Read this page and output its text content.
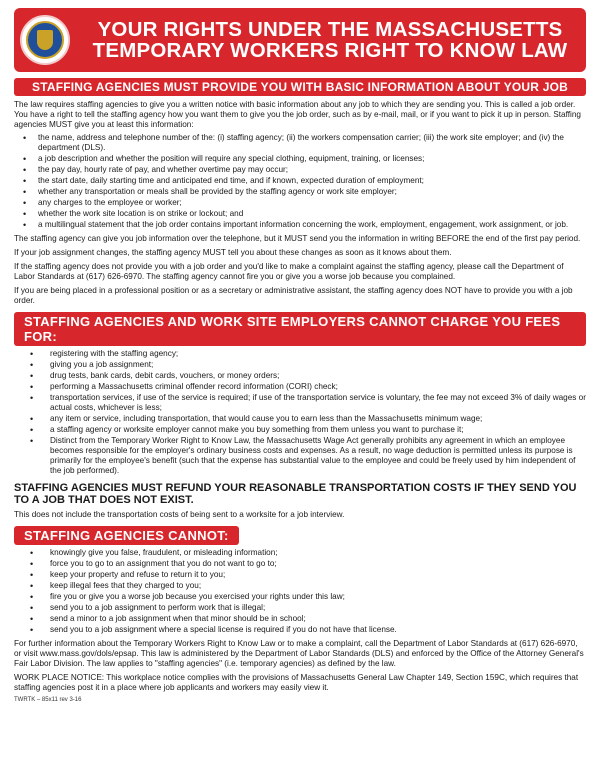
YOUR RIGHTS UNDER THE MASSACHUSETTS
TEMPORARY WORKERS RIGHT TO KNOW LAW
STAFFING AGENCIES MUST PROVIDE YOU WITH BASIC INFORMATION ABOUT YOUR JOB

The law requires staffing agencies to give you a written notice with basic information about any job to which they are sending you. This is called a job order. You have a right to tell the staffing agency how you want them to give you the job order, such as by e-mail, mail, or if you want to pick it up in person. Staffing agencies MUST give you at least this information:

• the name, address and telephone number of the: (i) staffing agency; (ii) the workers compensation carrier; (iii) the work site employer; and (iv) the department (DLS).
• a job description and whether the position will require any special clothing, equipment, training, or licenses;
• the pay day, hourly rate of pay, and whether overtime pay may occur;
• the start date, daily starting time and anticipated end time, and if known, expected duration of employment;
• whether any transportation or meals shall be provided by the staffing agency or work site employer;
• any charges to the employee or worker;
• whether the work site location is on strike or lockout; and
• a multilingual statement that the job order contains important information concerning the work, employment, engagement, work assignment, or job.

The staffing agency can give you job information over the telephone, but it MUST send you the information in writing BEFORE the end of the first pay period.

If your job assignment changes, the staffing agency MUST tell you about these changes as soon as it knows about them.

If the staffing agency does not provide you with a job order and you'd like to make a complaint against the staffing agency, please call the Department of Labor Standards at (617) 626-6970. The staffing agency cannot fire you or give you a worse job because you complained.

If you are being placed in a professional position or as a secretary or administrative assistant, the staffing agency does NOT have to provide you with a job order.

STAFFING AGENCIES AND WORK SITE EMPLOYERS CANNOT CHARGE YOU FEES FOR:
• registering with the staffing agency;
• giving you a job assignment;
• drug tests, bank cards, debit cards, vouchers, or money orders;
• performing a Massachusetts criminal offender record information (CORI) check;
• transportation services, if use of the service is required; if use of the transportation service is voluntary, the fee may not exceed 3% of daily wages or actual costs, whichever is less;
• any item or service, including transportation, that would cause you to earn less than the Massachusetts minimum wage;
• a staffing agency or worksite employer cannot make you buy something from them unless you want to purchase it;
• Distinct from the Temporary Worker Right to Know Law, the Massachusetts Wage Act generally prohibits any agreement in which an employee becomes responsible for the employer's ordinary business costs and expenses. As a result, no wage deduction is permitted unless its purpose is primarily for the employee's benefit (such that the expense has substantial value to the employee and could be freely used by him independent of the job performed).
STAFFING AGENCIES MUST REFUND YOUR REASONABLE TRANSPORTATION COSTS IF THEY SEND YOU TO A JOB THAT DOES NOT EXIST.

This does not include the transportation costs of being sent to a worksite for a job interview.

STAFFING AGENCIES CANNOT:
• knowingly give you false, fraudulent, or misleading information;
• force you to go to an assignment that you do not want to go to;
• keep your property and refuse to return it to you;
• keep illegal fees that they charged to you;
• fire you or give you a worse job because you exercised your rights under this law;
• send you to a job assignment to perform work that is illegal;
• send a minor to a job assignment when that minor should be in school;
• send you to a job assignment where a special license is required if you do not have that license.

For further information about the Temporary Workers Right to Know Law or to make a complaint, call the Department of Labor Standards at (617) 626-6970, or visit www.mass.gov/dols/epsap. This law is administered by the Department of Labor Standards (DLS) and enforced by the Office of the Attorney General's Fair Labor Division. The law applies to "staffing agencies" (i.e. temporary agencies) as defined by the law.

WORK PLACE NOTICE: This workplace notice complies with the provisions of Massachusetts General Law Chapter 149, Section 159C, which requires that staffing agencies post it in a place where job applicants and workers may easily view it.

TWRTK – 85x11 rev 3-16
